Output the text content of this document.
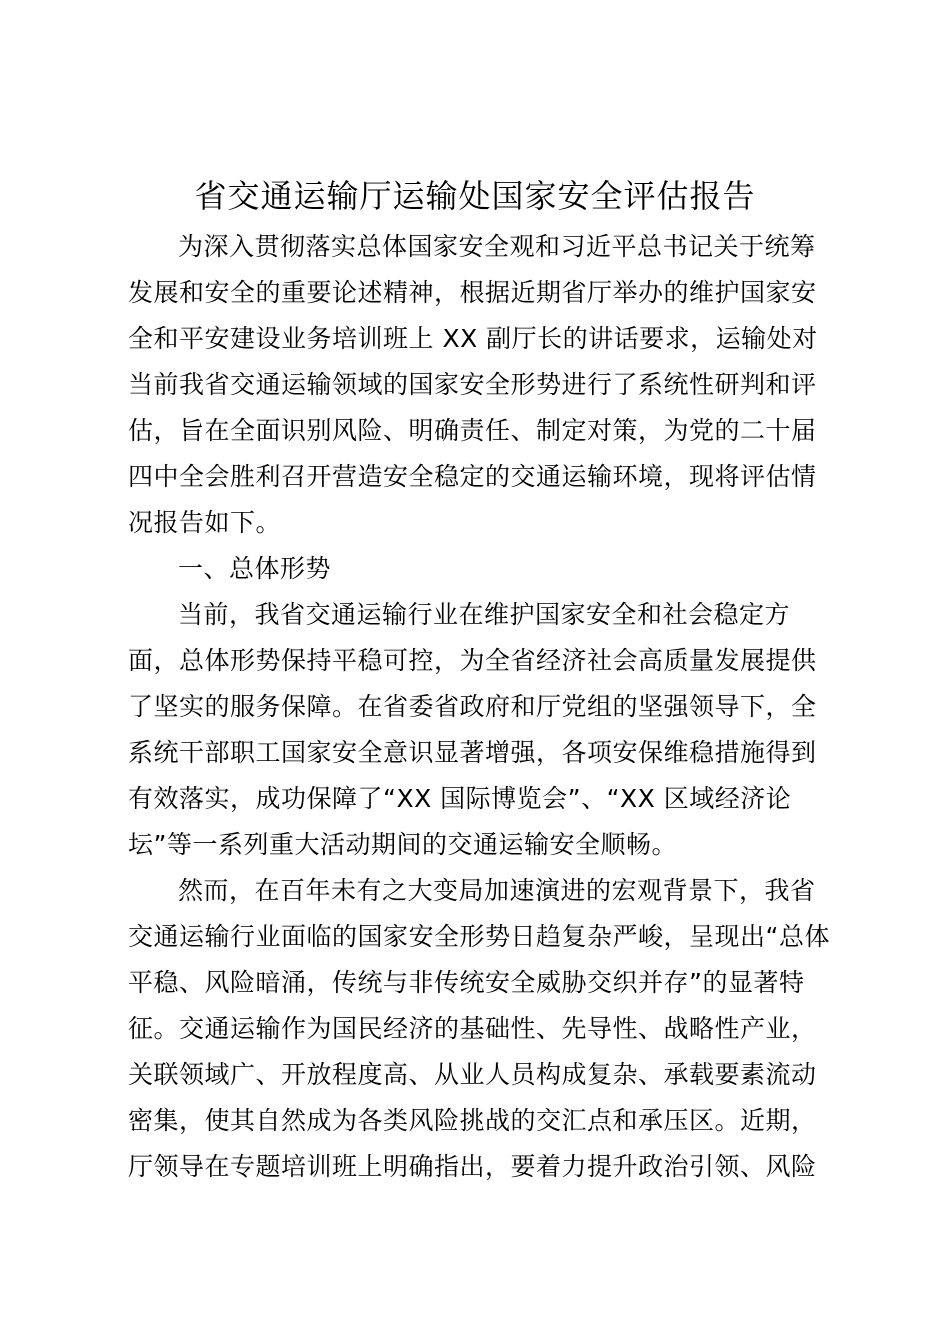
省交通运输厅运输处国家安全评估报告
为深入贯彻落实总体国家安全观和习近平总书记关于统筹
发展和安全的重要论述精神，根据近期省厅举办的维护国家安
全和平安建设业务培训班上 XX 副厅长的讲话要求，运输处对
当前我省交通运输领域的国家安全形势进行了系统性研判和评
估，旨在全面识别风险、明确责任、制定对策，为党的二十届
四中全会胜利召开营造安全稳定的交通运输环境，现将评估情
况报告如下。
一、总体形势
当前，我省交通运输行业在维护国家安全和社会稳定方
面，总体形势保持平稳可控，为全省经济社会高质量发展提供
了坚实的服务保障。在省委省政府和厅党组的坚强领导下，全
系统干部职工国家安全意识显著增强，各项安保维稳措施得到
有效落实，成功保障了“XX 国际博览会”、“XX 区域经济论
坛”等一系列重大活动期间的交通运输安全顺畅。
然而，在百年未有之大变局加速演进的宏观背景下，我省
交通运输行业面临的国家安全形势日趋复杂严峻，呈现出“总体
平稳、风险暗涌，传统与非传统安全威胁交织并存”的显著特
征。交通运输作为国民经济的基础性、先导性、战略性产业，
关联领域广、开放程度高、从业人员构成复杂、承载要素流动
密集，使其自然成为各类风险挑战的交汇点和承压区。近期，
厅领导在专题培训班上明确指出，要着力提升政治引领、风险
